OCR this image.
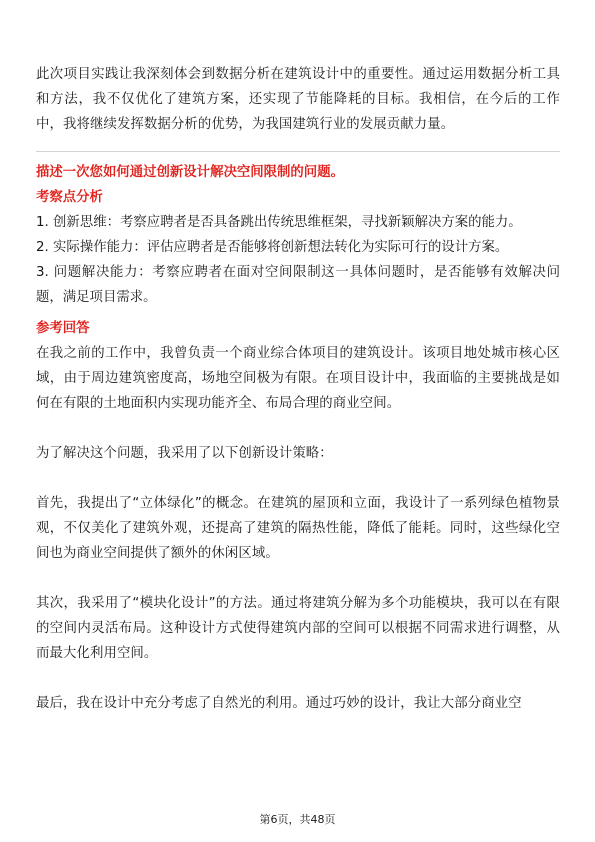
此次项目实践让我深刻体会到数据分析在建筑设计中的重要性。通过运用数据分析工具和方法，我不仅优化了建筑方案，还实现了节能降耗的目标。我相信，在今后的工作中，我将继续发挥数据分析的优势，为我国建筑行业的发展贡献力量。

描述一次您如何通过创新设计解决空间限制的问题。

考察点分析

1. 创新思维：考察应聘者是否具备跳出传统思维框架，寻找新颖解决方案的能力。

2. 实际操作能力：评估应聘者是否能够将创新想法转化为实际可行的设计方案。

3. 问题解决能力：考察应聘者在面对空间限制这一具体问题时，是否能够有效解决问题，满足项目需求。

参考回答

在我之前的工作中，我曾负责一个商业综合体项目的建筑设计。该项目地处城市核心区域，由于周边建筑密度高，场地空间极为有限。在项目设计中，我面临的主要挑战是如何在有限的土地面积内实现功能齐全、布局合理的商业空间。

为了解决这个问题，我采用了以下创新设计策略：

首先，我提出了“立体绿化”的概念。在建筑的屋顶和立面，我设计了一系列绿色植物景观，不仅美化了建筑外观，还提高了建筑的隔热性能，降低了能耗。同时，这些绿化空间也为商业空间提供了额外的休闲区域。

其次，我采用了“模块化设计”的方法。通过将建筑分解为多个功能模块，我可以在有限的空间内灵活布局。这种设计方式使得建筑内部的空间可以根据不同需求进行调整，从而最大化利用空间。

最后，我在设计中充分考虑了自然光的利用。通过巧妙的设计，我让大部分商业空

第6页，共48页
